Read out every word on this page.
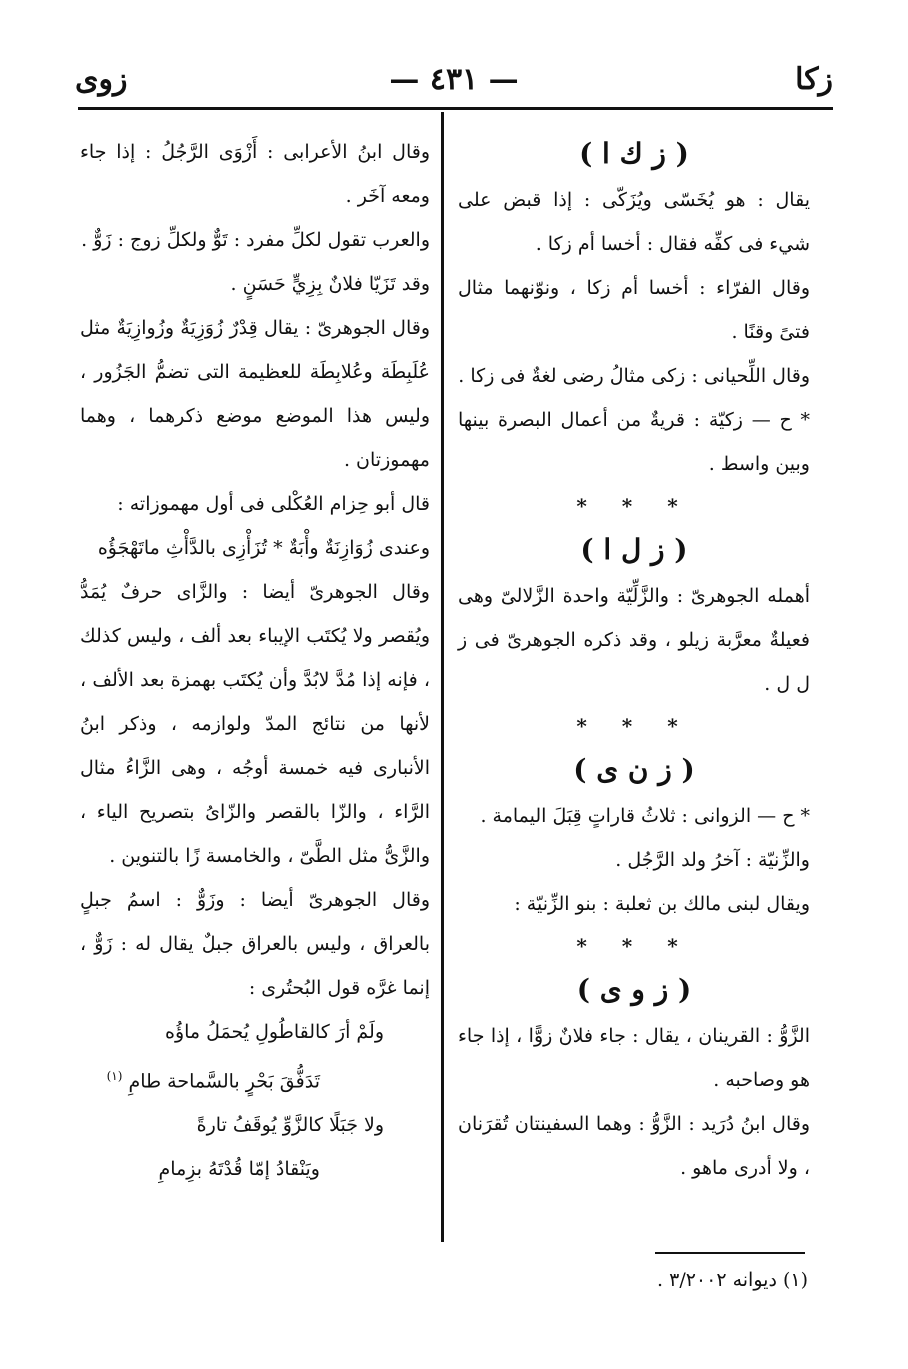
زكا
— ٤٣١ —
زوى
( ز ك ا )

يقال : هو يُخَسّى ويُزَكّى : إذا قبض على شيء فى كفِّه فقال : أخسا أم زكا .

وقال الفرّاء : أخسا أم زكا ، ونوّنهما مثال فتىً وقنًا .

وقال اللِّحيانى : زكى مثالُ رضى لغةٌ فى زكا .

* ح — زكيّة : قريةٌ من أعمال البصرة بينها وبين واسط .

* * *
( ز ل ا )

أهمله الجوهرىّ : والزَّلِّيّة واحدة الزَّلالىّ وهى فعيلةٌ معرَّبة زيلو ، وقد ذكره الجوهرىّ فى ز ل ل .

* * *
( ز ن ى )

* ح — الزوانى : ثلاثُ قاراتٍ قِبَلَ اليمامة .

والزِّنيّة : آخرُ ولد الرَّجُل .

ويقال لبنى مالك بن ثعلبة : بنو الزِّنيّة :

* * *
( ز و ى )

الزَّوُّ : القرينان ، يقال : جاء فلانٌ زوًّا ، إذا جاء هو وصاحبه .

وقال ابنُ دُرَيد : الزَّوُّ : وهما السفينتان تُقرَنان ، ولا أدرى ماهو .

وقال ابنُ الأعرابى : أَزْوَى الرَّجُلُ : إذا جاء ومعه آخَر .

والعرب تقول لكلِّ مفرد : تَوٌّ ولكلِّ زوج : زَوٌّ .

وقد تَزَيّا فلانٌ بِزِيٍّ حَسَنٍ .

وقال الجوهرىّ : يقال قِدْرٌ زُوَزِيَةٌ وزُوازِيَةٌ مثل عُلَبِطَة وعُلابِطَة للعظيمة التى تضمُّ الجَزُور ، وليس هذا الموضع موضع ذكرهما ، وهما مهموزتان .

قال أبو حِزام العُكْلى فى أول مهموزاته :

وعندى زُوَازِنَةٌ وأْبَةٌ * تُزَأْزِى بالدَّأْثِ ماتَهْجَؤُه

وقال الجوهرىّ أيضا : والزَّاى حرفٌ يُمَدُّ ويُقصر ولا يُكتَب الإيباء بعد ألف ، وليس كذلك ، فإنه إذا مُدَّ لابُدَّ وأن يُكتَب بهمزة بعد الألف ، لأنها من نتائج المدّ ولوازمه ، وذكر ابنُ الأنبارى فيه خمسة أوجُه ، وهى الزَّاءُ مثال الرَّاء ، والزّا بالقصر والزّاىُ بتصريح الياء ، والزَّىُّ مثل الطَّىّ ، والخامسة زًا بالتنوين .

وقال الجوهرىّ أيضا : وزَوٌّ : اسمُ جبلٍ بالعراق ، وليس بالعراق جبلٌ يقال له : زَوٌّ ، إنما غرَّه قول البُحتُرى :

ولَمْ أرَ كالقاطُولِ يُحمَلُ ماؤُه

تَدَفُّقَ بَحْرٍ بالسَّماحة طامِ $^{(١)}$

ولا جَبَلًا كالزَّوِّ يُوقَفُ تارةً

ويَنْقادُ إمّا قُدْتَهُ بزِمامِ

(١) ديوانه ٣/٢٠٠٢ .
